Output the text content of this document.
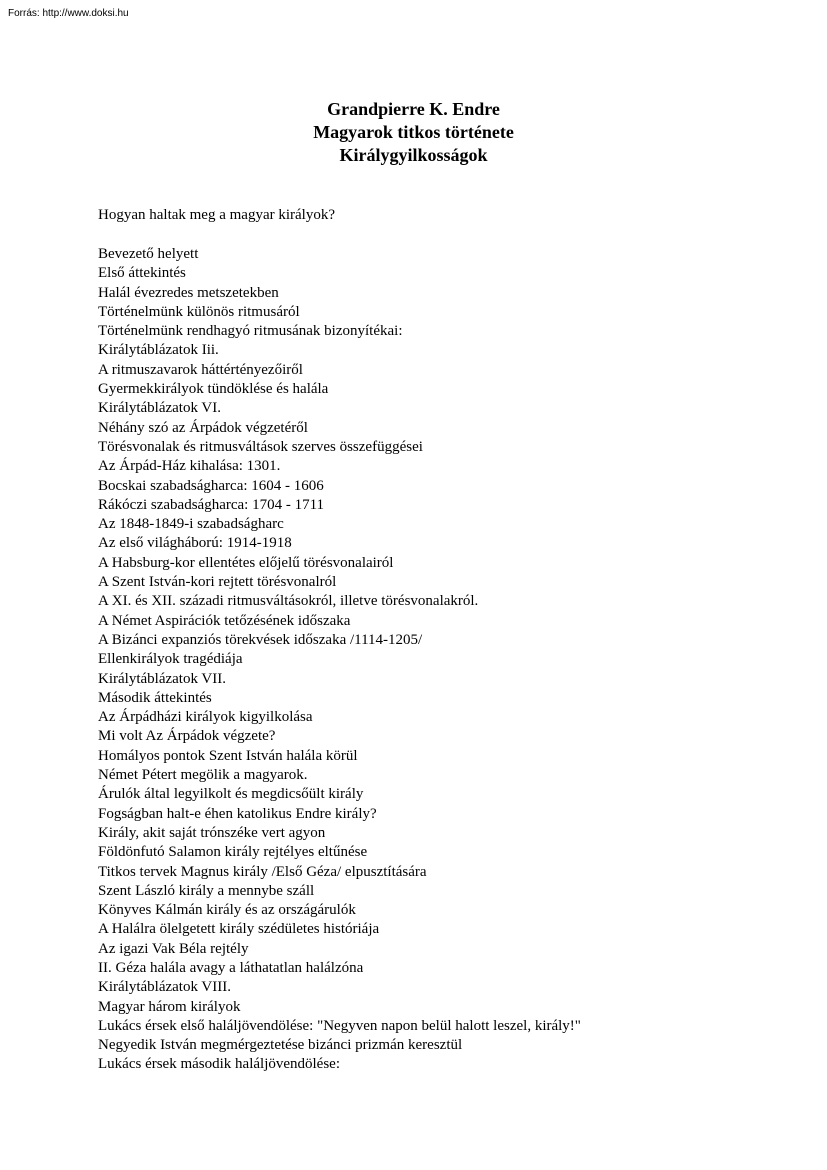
Forrás: http://www.doksi.hu
Grandpierre K. Endre
Magyarok titkos története
Királygyilkosságok
Hogyan haltak meg a magyar királyok?
Bevezető helyett
Első áttekintés
Halál évezredes metszetekben
Történelmünk különös ritmusáról
Történelmünk rendhagyó ritmusának bizonyítékai:
Királytáblázatok Iii.
A ritmuszavarok háttértényezőiről
Gyermekkirályok tündöklése és halála
Királytáblázatok VI.
Néhány szó az Árpádok végzetéről
Törésvonalak és ritmusváltások szerves összefüggései
Az Árpád-Ház kihalása: 1301.
Bocskai szabadságharca: 1604 - 1606
Rákóczi szabadságharca: 1704 - 1711
Az 1848-1849-i szabadságharc
Az első világháború: 1914-1918
A Habsburg-kor ellentétes előjelű törésvonalairól
A Szent István-kori rejtett törésvonalról
A XI. és XII. századi ritmusváltásokról, illetve törésvonalakról.
A Német Aspirációk tetőzésének időszaka
A Bizánci expanziós törekvések időszaka /1114-1205/
Ellenkirályok tragédiája
Királytáblázatok VII.
Második áttekintés
Az Árpádházi királyok kigyilkolása
Mi volt Az Árpádok végzete?
Homályos pontok Szent István halála körül
Német Pétert megölik a magyarok.
Árulók által legyilkolt és megdicsőült király
Fogságban halt-e éhen katolikus Endre király?
Király, akit saját trónszéke vert agyon
Földönfutó Salamon király rejtélyes eltűnése
Titkos tervek Magnus király /Első Géza/ elpusztítására
Szent László király a mennybe száll
Könyves Kálmán király és az országárulók
A Halálra ölelgetett király szédületes históriája
Az igazi Vak Béla rejtély
II. Géza halála avagy a láthatatlan halálzóna
Királytáblázatok VIII.
Magyar három királyok
Lukács érsek első haláljövendölése: "Negyven napon belül halott leszel, király!"
Negyedik István megmérgeztetése bizánci prizmán keresztül
Lukács érsek második haláljövendölése:
